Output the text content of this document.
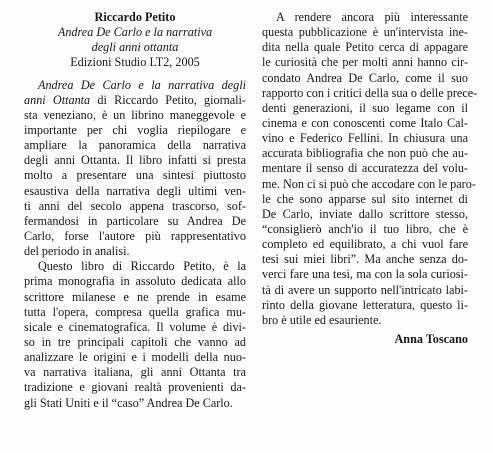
Riccardo Petito
Andrea De Carlo e la narrativa
degli anni ottanta
Edizioni Studio LT2, 2005
Andrea De Carlo e la narrativa degli
anni Ottanta di Riccardo Petito, giornali-
sta veneziano, è un librino maneggevole e
importante per chi voglia riepilogare e
ampliare la panoramica della narrativa
degli anni Ottanta. Il libro infatti si presta
molto a presentare una sintesi piuttosto
esaustiva della narrativa degli ultimi ven-
ti anni del secolo appena trascorso, sof-
fermandosi in particolare su Andrea De
Carlo, forse l'autore più rappresentativo
del periodo in analisi.
Questo libro di Riccardo Petito, è la
prima monografia in assoluto dedicata allo
scrittore milanese e ne prende in esame
tutta l'opera, compresa quella grafica mu-
sicale e cinematografica. Il volume è divi-
so in tre principali capitoli che vanno ad
analizzare le origini e i modelli della nuo-
va narrativa italiana, gli anni Ottanta tra
tradizione e giovani realtà provenienti da-
gli Stati Uniti e il “caso” Andrea De Carlo.
A rendere ancora più interessante
questa pubblicazione è un'intervista ine-
dita nella quale Petito cerca di appagare
le curiosità che per molti anni hanno cir-
condato Andrea De Carlo, come il suo
rapporto con i critici della sua o delle prece-
denti generazioni, il suo legame con il
cinema e con conoscenti come Italo Cal-
vino e Federico Fellini. In chiusura una
accurata bibliografia che non può che au-
mentare il senso di accuratezza del volu-
me. Non ci si può che accodare con le paro-
le che sono apparse sul sito internet di
De Carlo, inviate dallo scrittore stesso,
“consiglierò anch'io il tuo libro, che è
completo ed equilibrato, a chi vuol fare
tesi sui miei libri”. Ma anche senza do-
verci fare una tesi, ma con la sola curiosi-
tà di avere un supporto nell'intricato labi-
rinto della giovane letteratura, questo li-
bro è utile ed esauriente.
Anna Toscano
